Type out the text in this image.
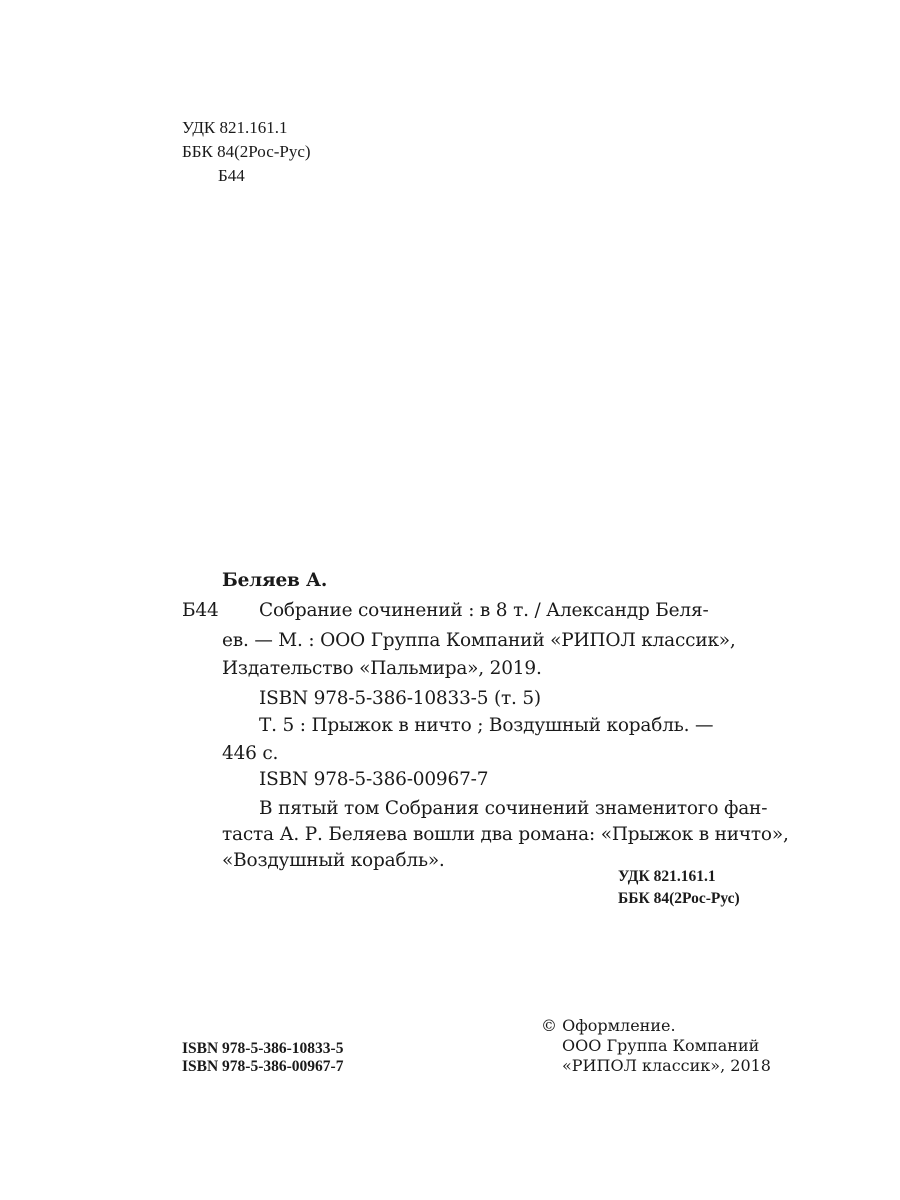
УДК 821.161.1
ББК 84(2Рос-Рус)
Б44
Беляев А.
Б44 Собрание сочинений : в 8 т. / Александр Беля-
ев. — М. : ООО Группа Компаний «РИПОЛ классик»,
Издательство «Пальмира», 2019.
ISBN 978-5-386-10833-5 (т. 5)
Т. 5 : Прыжок в ничто ; Воздушный корабль. —
446 с.
ISBN 978-5-386-00967-7
В пятый том Собрания сочинений знаменитого фан-
таста А. Р. Беляева вошли два романа: «Прыжок в ничто»,
«Воздушный корабль».
УДК 821.161.1
ББК 84(2Рос-Рус)
ISBN 978-5-386-10833-5
ISBN 978-5-386-00967-7
© Оформление.
ООО Группа Компаний
«РИПОЛ классик», 2018
